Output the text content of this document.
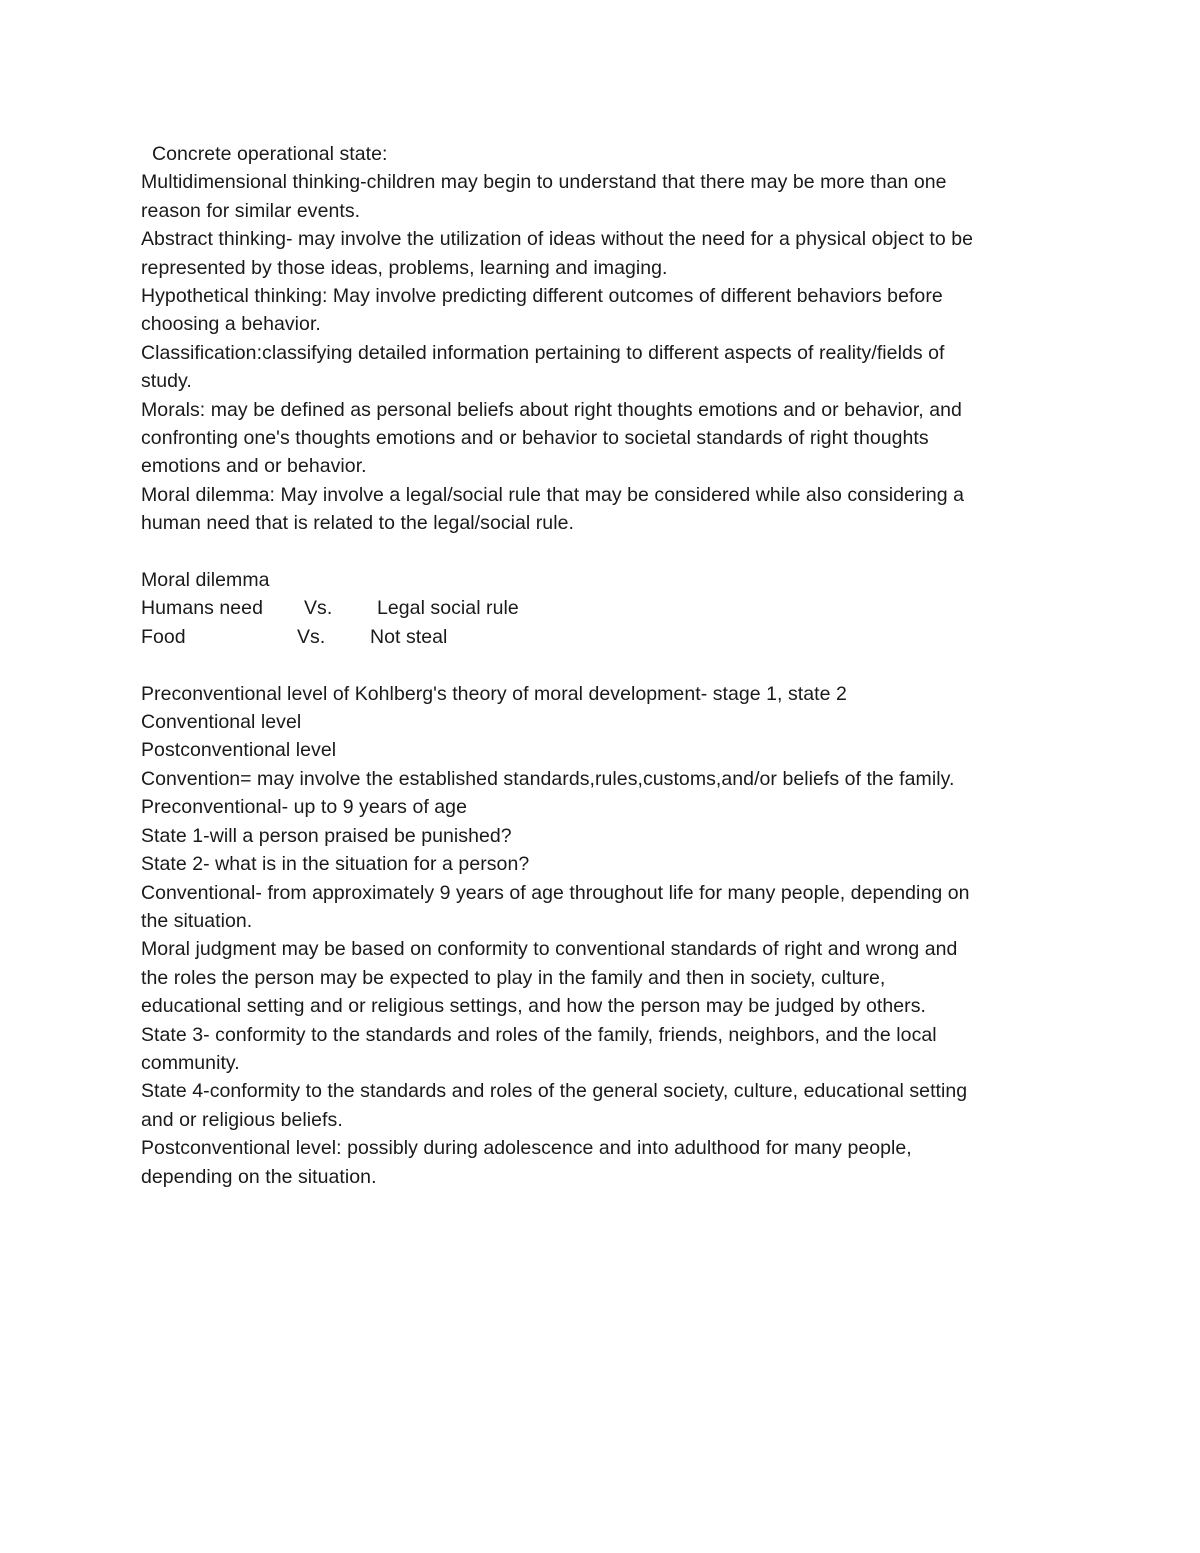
Concrete operational state:
Multidimensional thinking-children may begin to understand that there may be more than one
reason for similar events.
Abstract thinking- may involve the utilization of ideas without the need for a physical object to be
represented by those ideas, problems, learning and imaging.
Hypothetical thinking: May involve predicting different outcomes of different behaviors before
choosing a behavior.
Classification:classifying detailed information pertaining to different aspects of reality/fields of
study.
Morals: may be defined as personal beliefs about right thoughts emotions and or behavior, and
confronting one's thoughts emotions and or behavior to societal standards of right thoughts
emotions and or behavior.
Moral dilemma: May involve a legal/social rule that may be considered while also considering a
human need that is related to the legal/social rule.
Moral dilemma
Humans need Vs. Legal social rule
Food	Vs. Not steal
Preconventional level of Kohlberg's theory of moral development- stage 1, state 2
Conventional level
Postconventional level
Convention= may involve the established standards,rules,customs,and/or beliefs of the family.
Preconventional- up to 9 years of age
State 1-will a person praised be punished?
State 2- what is in the situation for a person?
Conventional- from approximately 9 years of age throughout life for many people, depending on
the situation.
Moral judgment may be based on conformity to conventional standards of right and wrong and
the roles the person may be expected to play in the family and then in society, culture,
educational setting and or religious settings, and how the person may be judged by others.
State 3- conformity to the standards and roles of the family, friends, neighbors, and the local
community.
State 4-conformity to the standards and roles of the general society, culture, educational setting
and or religious beliefs.
Postconventional level: possibly during adolescence and into adulthood for many people,
depending on the situation.
